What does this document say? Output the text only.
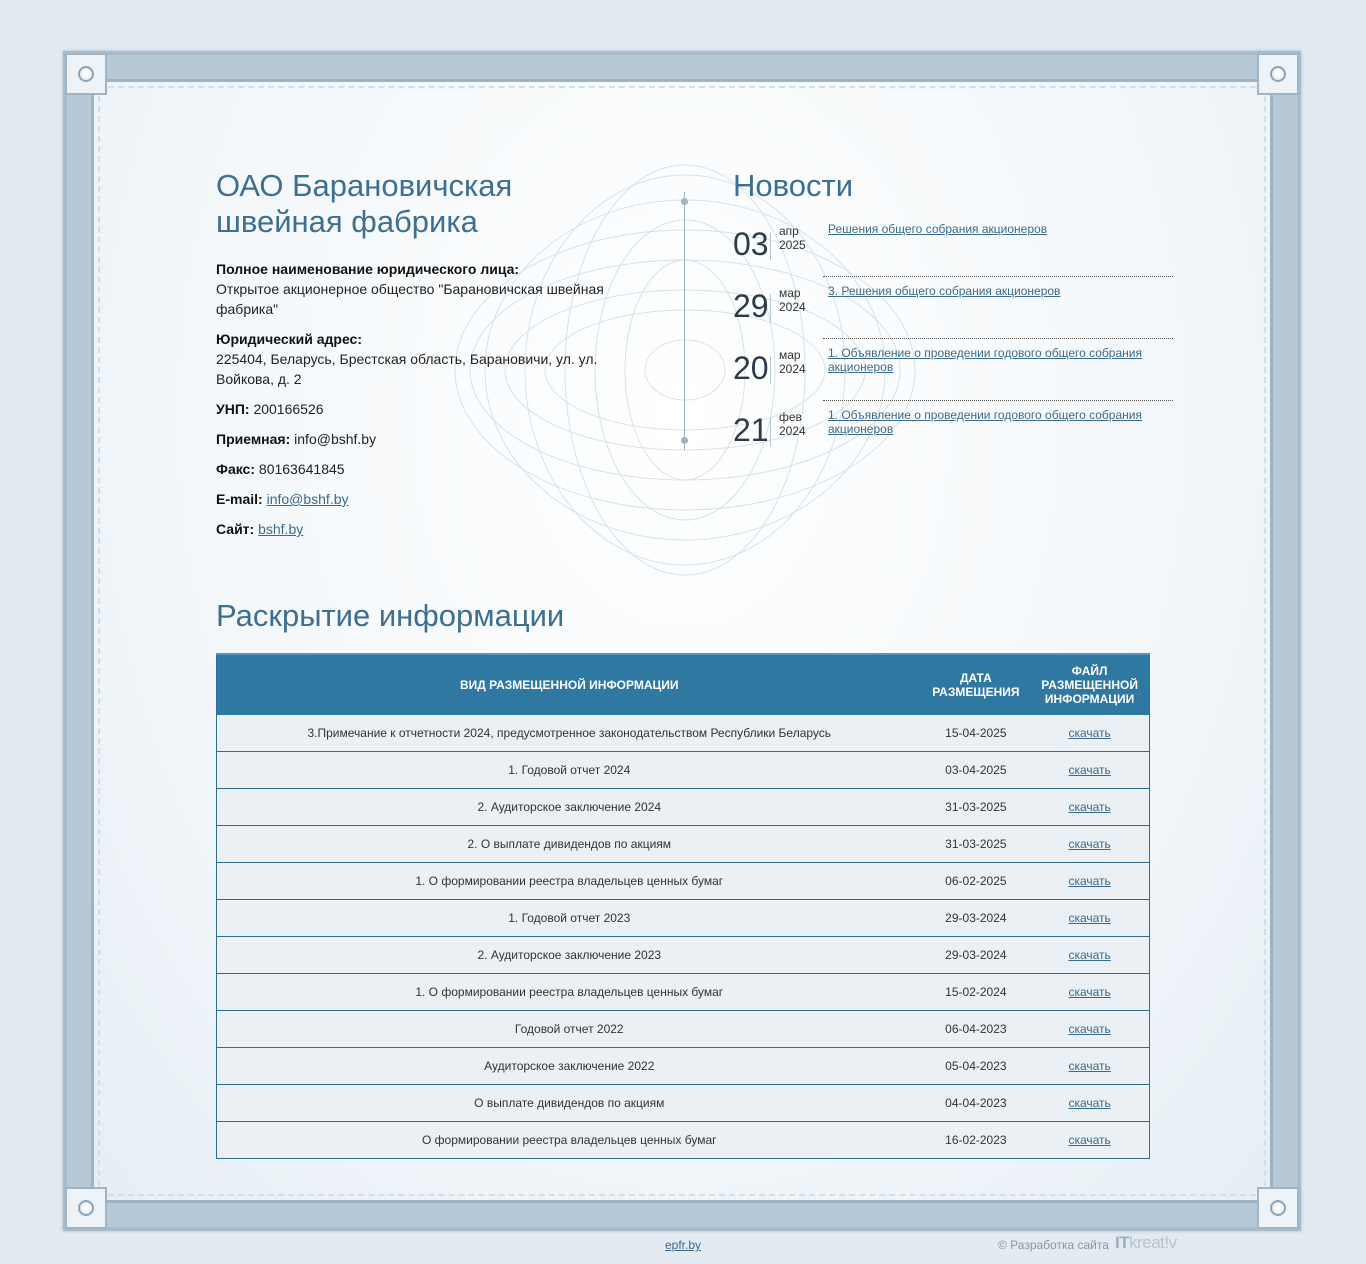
ОАО Барановичская швейная фабрика
Полное наименование юридического лица:
Открытое акционерное общество "Барановичская швейная фабрика"
Юридический адрес:
225404, Беларусь, Брестская область, Барановичи, ул. ул. Войкова, д. 2
УНП: 200166526
Приемная: info@bshf.by
Факс: 80163641845
E-mail: info@bshf.by
Сайт: bshf.by
Новости
03 апр
2025
Решения общего собрания акционеров
29 мар
2024
3. Решения общего собрания акционеров
20 мар
2024
1. Объявление о проведении годового общего собрания акционеров
21 фев
2024
1. Объявление о проведении годового общего собрания акционеров
Раскрытие информации
ВИД РАЗМЕЩЕННОЙ ИНФОРМАЦИИ	ДАТА РАЗМЕЩЕНИЯ	ФАЙЛ РАЗМЕЩЕННОЙ ИНФОРМАЦИИ
3.Примечание к отчетности 2024, предусмотренное законодательством Республики Беларусь	15-04-2025	скачать
1. Годовой отчет 2024	03-04-2025	скачать
2. Аудиторское заключение 2024	31-03-2025	скачать
2. О выплате дивидендов по акциям	31-03-2025	скачать
1. О формировании реестра владельцев ценных бумаг	06-02-2025	скачать
1. Годовой отчет 2023	29-03-2024	скачать
2. Аудиторское заключение 2023	29-03-2024	скачать
1. О формировании реестра владельцев ценных бумаг	15-02-2024	скачать
Годовой отчет 2022	06-04-2023	скачать
Аудиторское заключение 2022	05-04-2023	скачать
О выплате дивидендов по акциям	04-04-2023	скачать
О формировании реестра владельцев ценных бумаг	16-02-2023	скачать
epfr.by	© Разработка сайта ITkreat!v
